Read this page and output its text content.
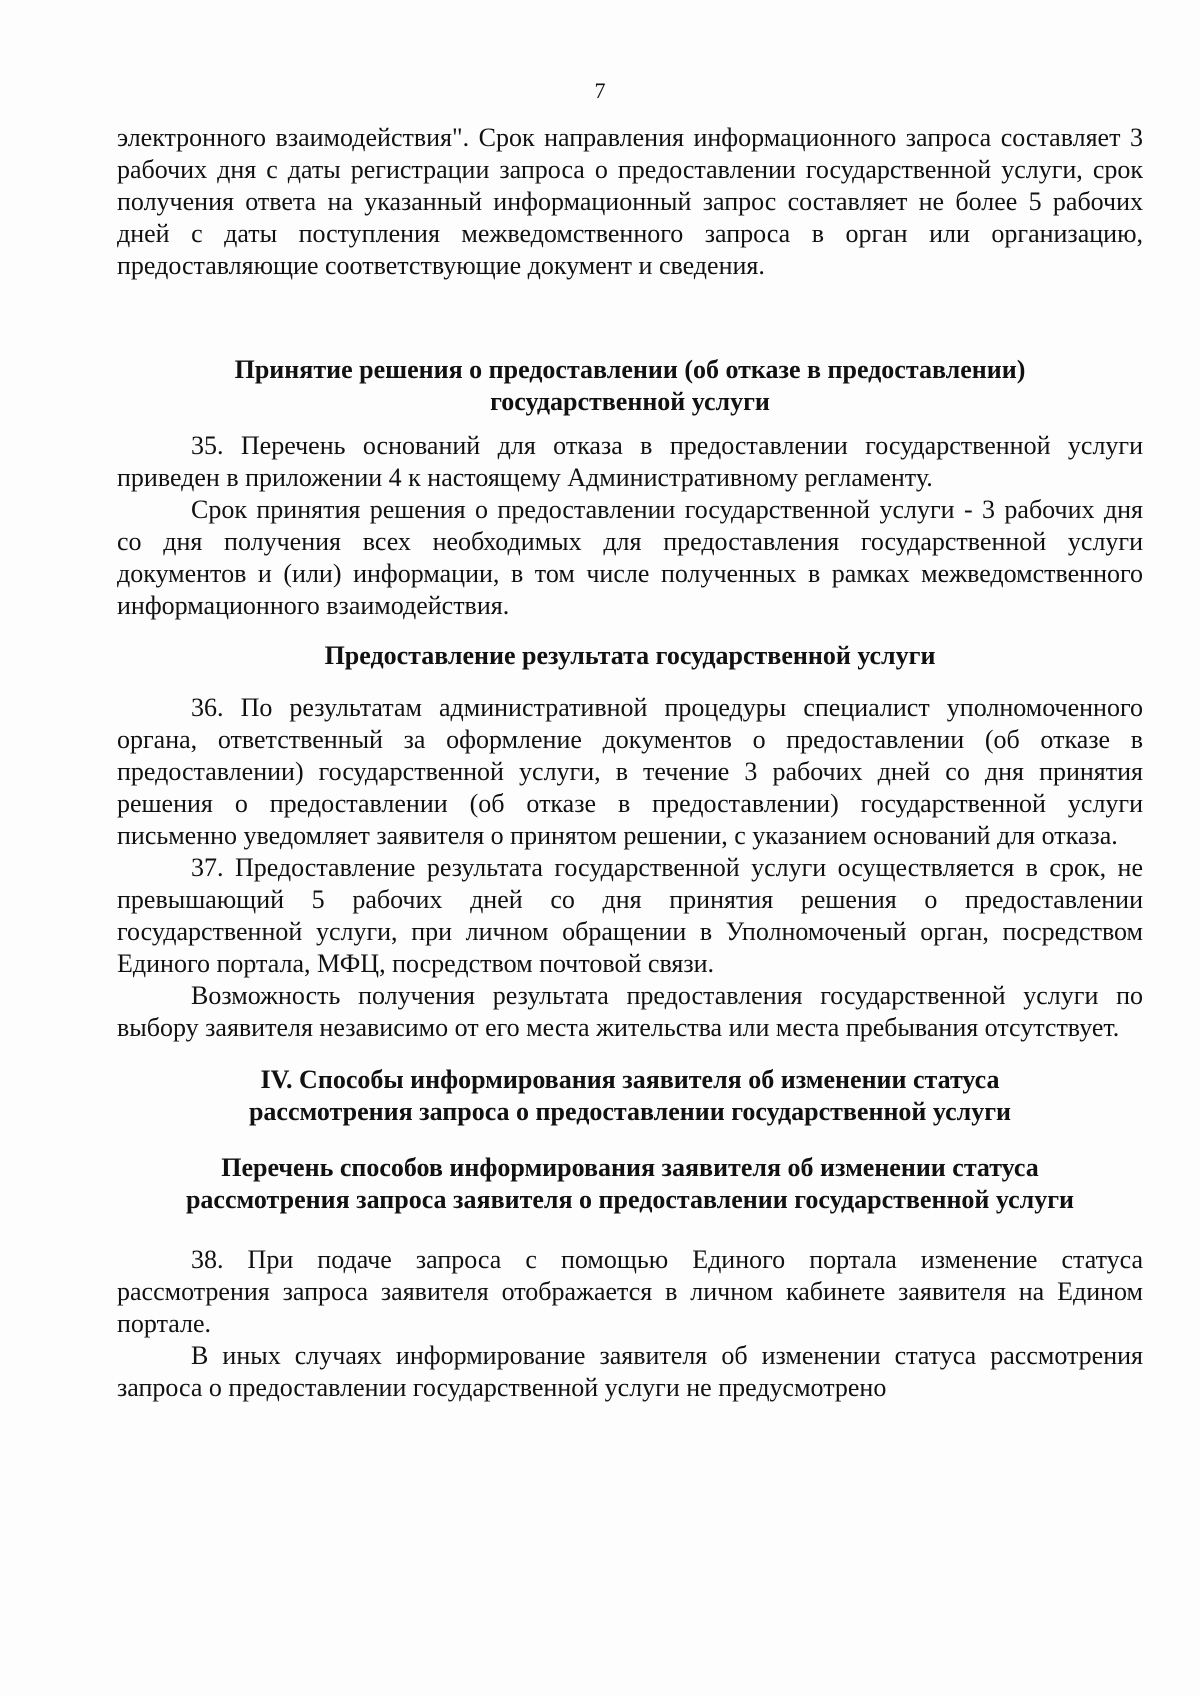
7

электронного взаимодействия". Срок направления информационного запроса составляет 3 рабочих дня с даты регистрации запроса о предоставлении государственной услуги, срок получения ответа на указанный информационный запрос составляет не более 5 рабочих дней с даты поступления межведомственного запроса в орган или организацию, предоставляющие соответствующие документ и сведения.

Принятие решения о предоставлении (об отказе в предоставлении)
государственной услуги

35. Перечень оснований для отказа в предоставлении государственной услуги приведен в приложении 4 к настоящему Административному регламенту.

Срок принятия решения о предоставлении государственной услуги - 3 рабочих дня со дня получения всех необходимых для предоставления государственной услуги документов и (или) информации, в том числе полученных в рамках межведомственного информационного взаимодействия.

Предоставление результата государственной услуги

36. По результатам административной процедуры специалист уполномоченного органа, ответственный за оформление документов о предоставлении (об отказе в предоставлении) государственной услуги, в течение 3 рабочих дней со дня принятия решения о предоставлении (об отказе в предоставлении) государственной услуги письменно уведомляет заявителя о принятом решении, с указанием оснований для отказа.

37. Предоставление результата государственной услуги осуществляется в срок, не превышающий 5 рабочих дней со дня принятия решения о предоставлении государственной услуги, при личном обращении в Уполномоченый орган, посредством Единого портала, МФЦ, посредством почтовой связи.

Возможность получения результата предоставления государственной услуги по выбору заявителя независимо от его места жительства или места пребывания отсутствует.

IV. Способы информирования заявителя об изменении статуса
рассмотрения запроса о предоставлении государственной услуги
Перечень способов информирования заявителя об изменении статуса
рассмотрения запроса заявителя о предоставлении государственной услуги

38. При подаче запроса с помощью Единого портала изменение статуса рассмотрения запроса заявителя отображается в личном кабинете заявителя на Едином портале.

В иных случаях информирование заявителя об изменении статуса рассмотрения запроса о предоставлении государственной услуги не предусмотрено
